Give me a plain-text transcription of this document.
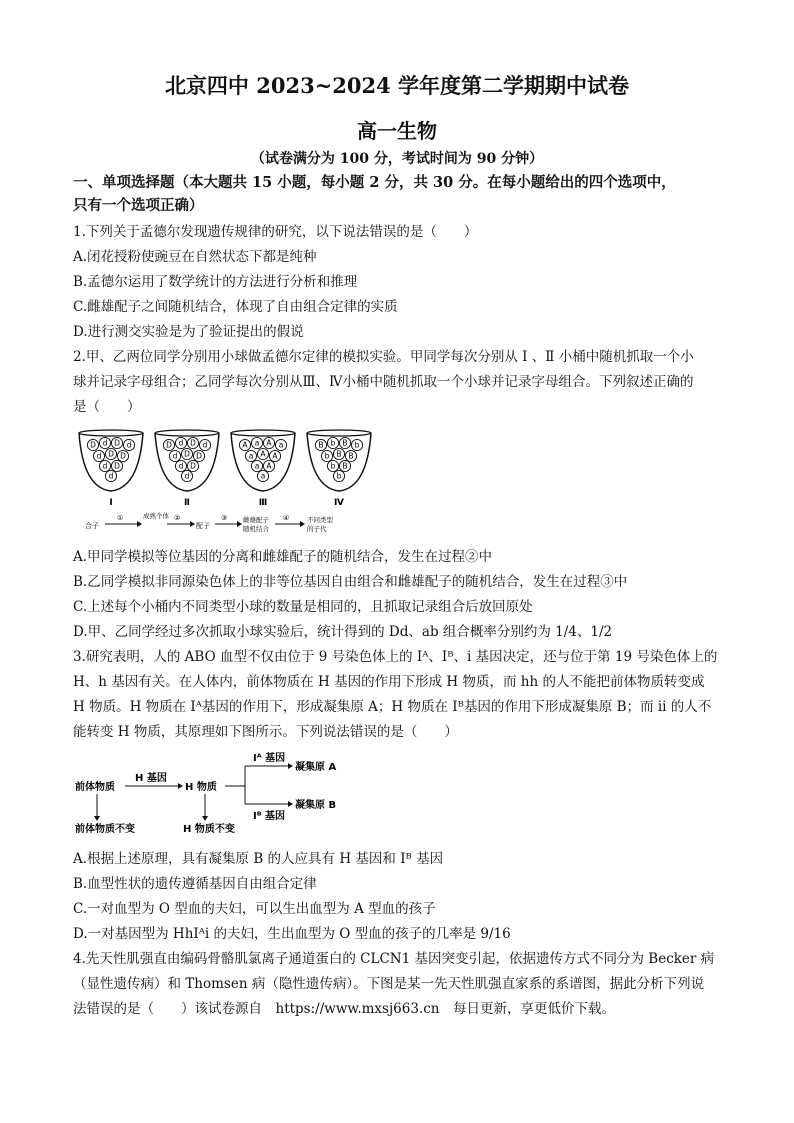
北京四中 2023~2024 学年度第二学期期中试卷
高一生物
（试卷满分为 100 分，考试时间为 90 分钟）
一、单项选择题（本大题共 15 小题，每小题 2 分，共 30 分。在每小题给出的四个选项中，
只有一个选项正确）
1.下列关于孟德尔发现遗传规律的研究，以下说法错误的是（　　）
A.闭花授粉使豌豆在自然状态下都是纯种
B.孟德尔运用了数学统计的方法进行分析和推理
C.雌雄配子之间随机结合，体现了自由组合定律的实质
D.进行测交实验是为了验证提出的假说
2.甲、乙两位同学分别用小球做孟德尔定律的模拟实验。甲同学每次分别从 Ⅰ 、Ⅱ 小桶中随机抓取一个小
球并记录字母组合；乙同学每次分别从Ⅲ、Ⅳ小桶中随机抓取一个小球并记录字母组合。下列叙述正确的
是（　　）
D d D d
d D D
d D
d
Ⅰ
D d D d
d D D
d D
d
Ⅱ
A a A a
a A A
a A
a
Ⅲ
B b B b
b B B
b B
b
Ⅳ
合子
①	成熟个体 ②
配子
③ 雌雄配子
随机结合
④	不同类型
的子代
A.甲同学模拟等位基因的分离和雌雄配子的随机结合，发生在过程②中
B.乙同学模拟非同源染色体上的非等位基因自由组合和雌雄配子的随机结合，发生在过程③中
C.上述每个小桶内不同类型小球的数量是相同的，且抓取记录组合后放回原处
D.甲、乙同学经过多次抓取小球实验后，统计得到的 Dd、ab 组合概率分别约为 1/4、1/2
3.研究表明，人的 ABO 血型不仅由位于 9 号染色体上的 Iᴬ、Iᴮ、i 基因决定，还与位于第 19 号染色体上的
H、h 基因有关。在人体内，前体物质在 H 基因的作用下形成 H 物质，而 hh 的人不能把前体物质转变成
H 物质。H 物质在 Iᴬ基因的作用下，形成凝集原 A；H 物质在 Iᴮ基因的作用下形成凝集原 B；而 ii 的人不
能转变 H 物质，其原理如下图所示。下列说法错误的是（　　）
前体物质
H 基因
H 物质
Iᴬ 基因
Iᴮ 基因
凝集原 A
凝集原 B
前体物质不变	H 物质不变
A.根据上述原理，具有凝集原 B 的人应具有 H 基因和 Iᴮ 基因
B.血型性状的遗传遵循基因自由组合定律
C.一对血型为 O 型血的夫妇，可以生出血型为 A 型血的孩子
D.一对基因型为 HhIᴬi 的夫妇，生出血型为 O 型血的孩子的几率是 9/16
4.先天性肌强直由编码骨骼肌氯离子通道蛋白的 CLCN1 基因突变引起，依据遗传方式不同分为 Becker 病
（显性遗传病）和 Thomsen 病（隐性遗传病）。下图是某一先天性肌强直家系的系谱图，据此分析下列说
法错误的是（　　）该试卷源自　https://www.mxsj663.cn　每日更新，享更低价下载。
